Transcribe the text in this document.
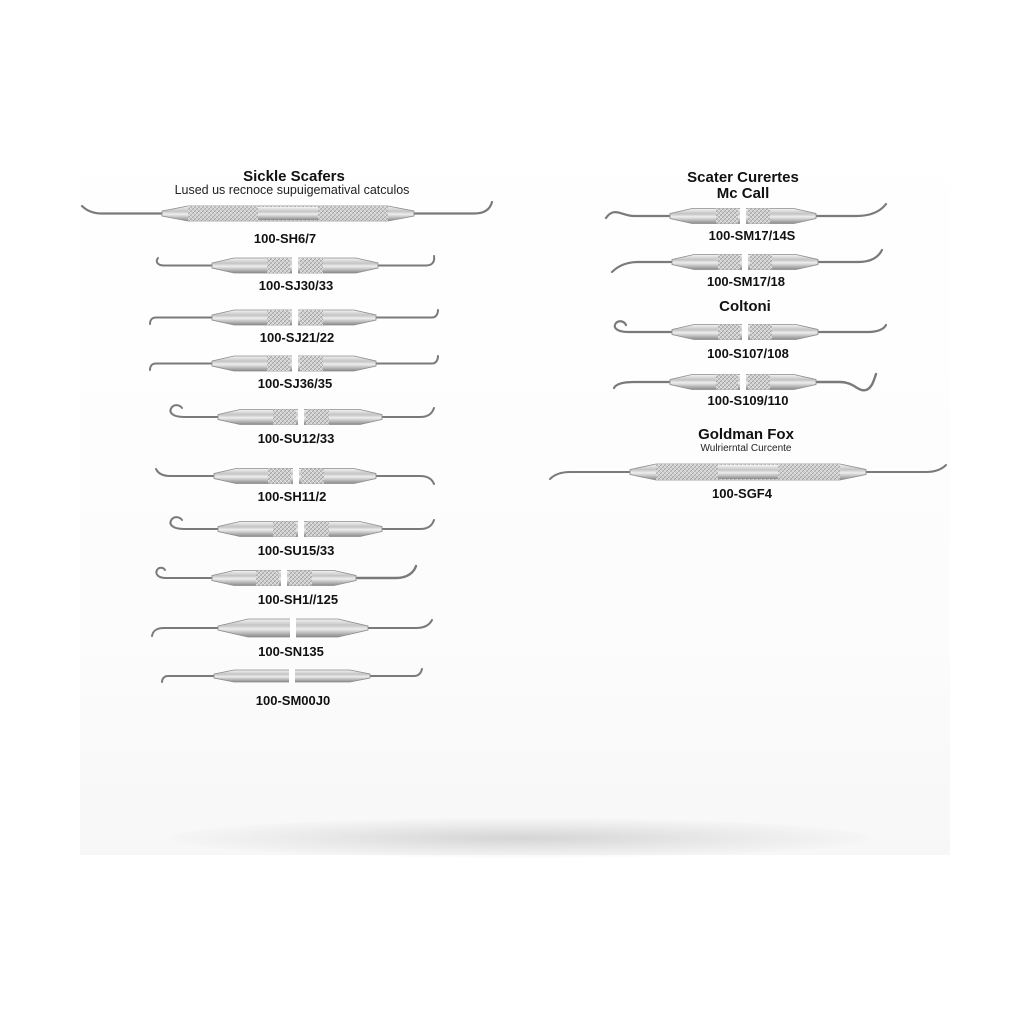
Sickle Scafers
Lused us recnoce supuigematival catculos
100-SH6/7
100-SJ30/33
100-SJ21/22
100-SJ36/35
100-SU12/33
100-SH11/2
100-SU15/33
100-SH1//125
100-SN135
100-SM00J0
Scater Curertes
Mc Call
100-SM17/14S
100-SM17/18
Coltoni
100-S107/108
100-S109/110
Goldman Fox
Wulrierntal Curcente
100-SGF4
